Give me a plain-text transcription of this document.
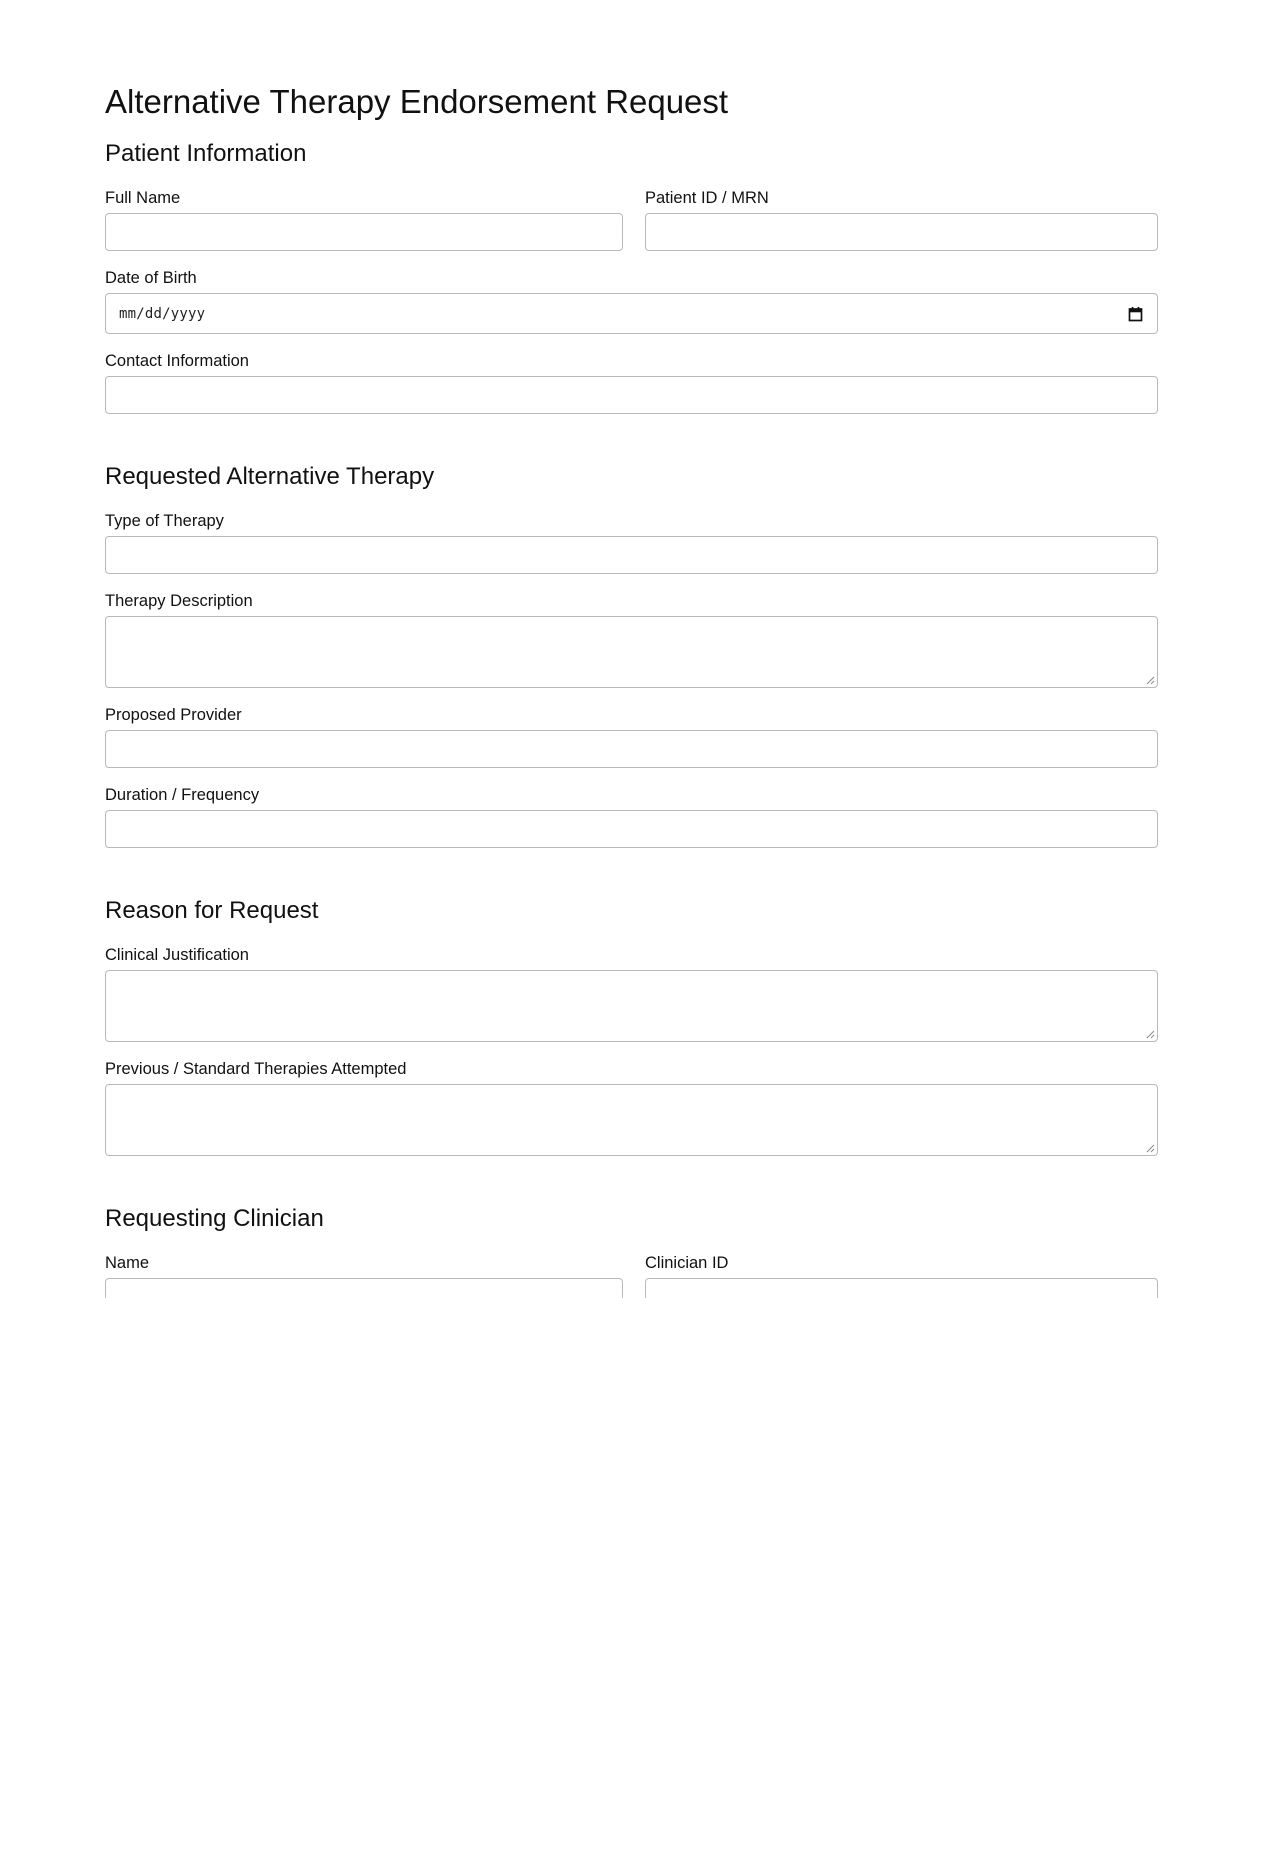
Alternative Therapy Endorsement Request
Patient Information
Full Name	Patient ID / MRN
Date of Birth
mm/dd/yyyy
Contact Information
Requested Alternative Therapy
Type of Therapy
Therapy Description
Proposed Provider
Duration / Frequency
Reason for Request
Clinical Justification
Previous / Standard Therapies Attempted
Requesting Clinician
Name	Clinician ID
